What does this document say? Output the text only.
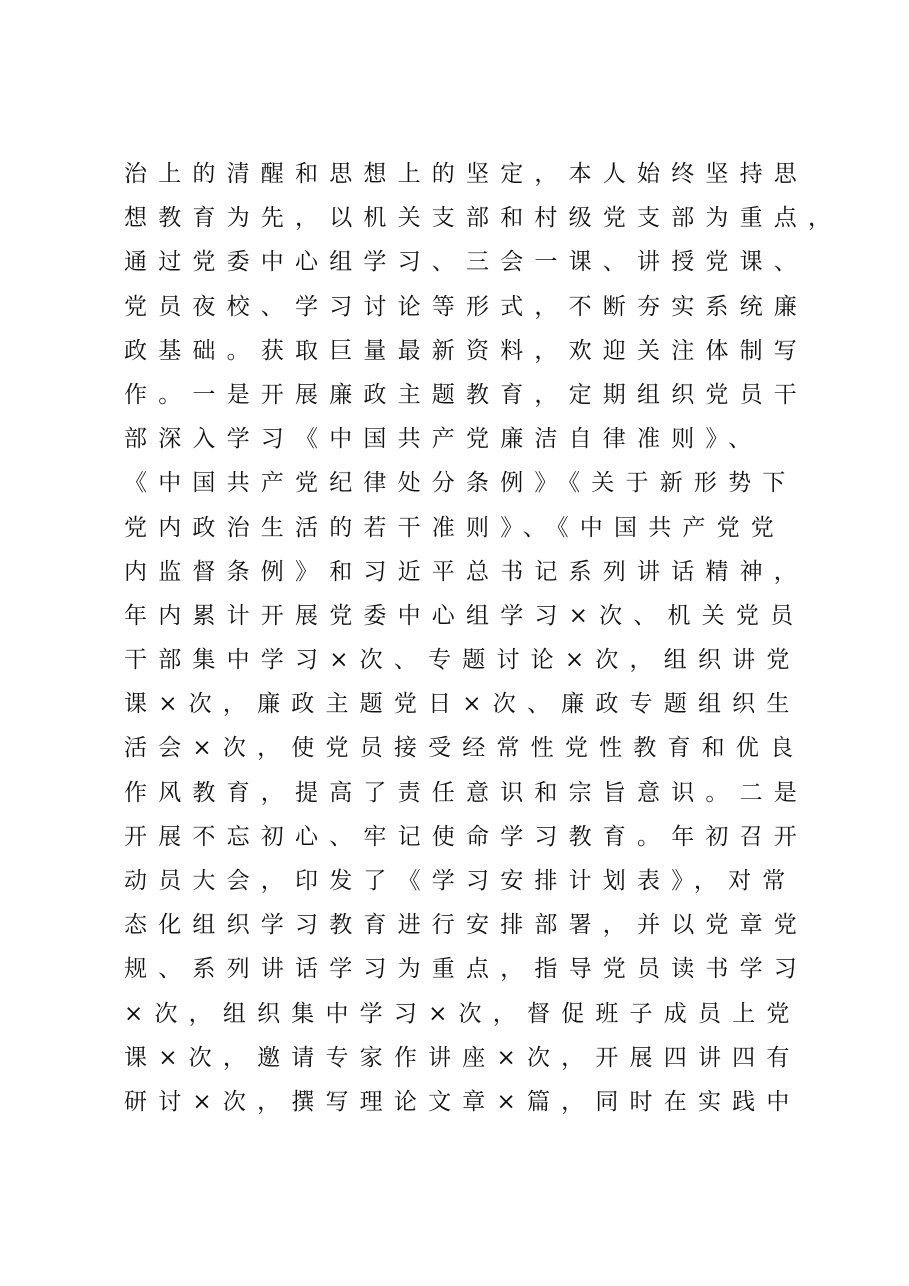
治上的清醒和思想上的坚定，本人始终坚持思
想教育为先，以机关支部和村级党支部为重点，
通过党委中心组学习、三会一课、讲授党课、
党员夜校、学习讨论等形式，不断夯实系统廉
政基础。获取巨量最新资料，欢迎关注体制写
作。一是开展廉政主题教育，定期组织党员干
部深入学习《中国共产党廉洁自律准则》、
《中国共产党纪律处分条例》《关于新形势下
党内政治生活的若干准则》、《中国共产党党
内监督条例》和习近平总书记系列讲话精神，
年内累计开展党委中心组学习×次、机关党员
干部集中学习×次、专题讨论×次，组织讲党
课×次，廉政主题党日×次、廉政专题组织生
活会×次，使党员接受经常性党性教育和优良
作风教育，提高了责任意识和宗旨意识。二是
开展不忘初心、牢记使命学习教育。年初召开
动员大会，印发了《学习安排计划表》，对常
态化组织学习教育进行安排部署，并以党章党
规、系列讲话学习为重点，指导党员读书学习
×次，组织集中学习×次，督促班子成员上党
课×次，邀请专家作讲座×次，开展四讲四有
研讨×次，撰写理论文章×篇，同时在实践中
